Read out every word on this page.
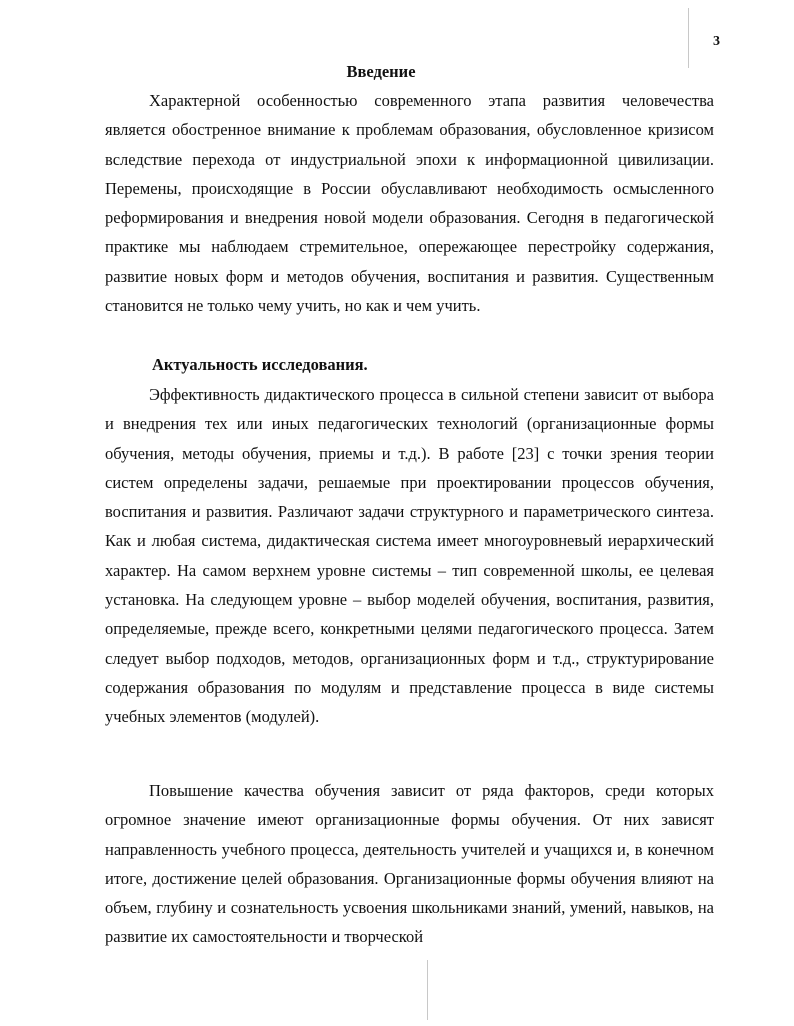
3
Введение
Характерной особенностью современного этапа развития человечества является обостренное внимание к проблемам образования, обусловленное кризисом вследствие перехода от индустриальной эпохи к информационной цивилизации. Перемены, происходящие в России обуславливают необходимость осмысленного реформирования и внедрения новой модели образования. Сегодня в педагогической практике мы наблюдаем стремительное, опережающее перестройку содержания, развитие новых форм и методов обучения, воспитания и развития. Существенным становится не только чему учить, но как и чем учить.
Актуальность исследования.
Эффективность дидактического процесса в сильной степени зависит от выбора и внедрения тех или иных педагогических технологий (организационные формы обучения, методы обучения, приемы и т.д.). В работе [23] с точки зрения теории систем определены задачи, решаемые при проектировании процессов обучения, воспитания и развития. Различают задачи структурного и параметрического синтеза. Как и любая система, дидактическая система имеет многоуровневый иерархический характер. На самом верхнем уровне системы – тип современной школы, ее целевая установка. На следующем уровне – выбор моделей обучения, воспитания, развития, определяемые, прежде всего, конкретными целями педагогического процесса. Затем следует выбор подходов, методов, организационных форм и т.д., структурирование содержания образования по модулям и представление процесса в виде системы учебных элементов (модулей).
Повышение качества обучения зависит от ряда факторов, среди которых огромное значение имеют организационные формы обучения. От них зависят направленность учебного процесса, деятельность учителей и учащихся и, в конечном итоге, достижение целей образования. Организационные формы обучения влияют на объем, глубину и сознательность усвоения школьниками знаний, умений, навыков, на развитие их самостоятельности и творческой
